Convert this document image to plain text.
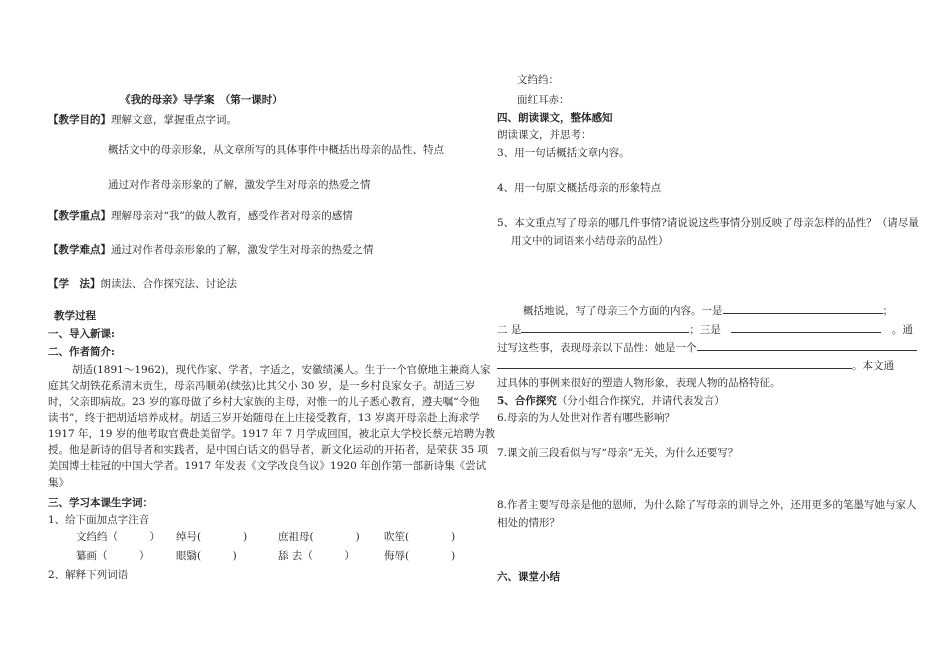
《我的母亲》导学案　（第一课时）
【教学目的】理解文意，掌握重点字词。
概括文中的母亲形象，从文章所写的具体事件中概括出母亲的品性、特点
通过对作者母亲形象的了解，激发学生对母亲的热爱之情
【教学重点】理解母亲对“我”的做人教育，感受作者对母亲的感情
【教学难点】通过对作者母亲形象的了解，激发学生对母亲的热爱之情
【学　法】朗读法、合作探究法、讨论法
教学过程
一、导入新课:
二、作者简介:
胡适(1891～1962)，现代作家、学者，字适之，安徽绩溪人。生于一个官僚地主兼商人家
庭其父胡铁花系清末贡生，母亲冯顺弟(续弦)比其父小 30 岁，是一乡村良家女子。胡适三岁
时，父亲即病故。23 岁的寡母做了乡村大家族的主母，对惟一的儿子悉心教育，遵夫嘱“令他
读书”，终于把胡适培养成材。胡适三岁开始随母在上庄接受教育，13 岁离开母亲赴上海求学
1917 年，19 岁的他考取官费赴美留学。1917 年 7 月学成回国，被北京大学校长蔡元培聘为教
授。他是新诗的倡导者和实践者，是中国白话文的倡导者，新文化运动的开拓者，是荣获 35 项
美国博士桂冠的中国大学者。1917 年发表《文学改良刍议》1920 年创作第一部新诗集《尝试
集》
三、学习本课生字词：
1、给下面加点字注音
文绉绉（　　　） 绰号(　　　　)	庶祖母(　　　　) 吹笙(　　　　)
纂画（　　　）	眼翳(　　　)	舔 去（　　　）	侮辱(　　　　)
2、解释下列词语
文绉绉：
面红耳赤：
四、朗读课文，整体感知
朗读课文，并思考：
3、用一句话概括文章内容。
4、用一句原文概括母亲的形象特点
5、本文重点写了母亲的哪几件事情?请说说这些事情分别反映了母亲怎样的品性？（请尽量
用文中的词语来小结母亲的品性）
概括地说，写了母亲三个方面的内容。一是	；
二 是	；三是  	。通
过写这些事，表现母亲以下品性：她是一个
。本文通
过具体的事例来很好的塑造人物形象，表现人物的品格特征。
5、合作探究（分小组合作探究，并请代表发言）
6.母亲的为人处世对作者有哪些影响？
7.课文前三段看似与写“母亲”无关，为什么还要写？
8.作者主要写母亲是他的恩师，为什么除了写母亲的训导之外，还用更多的笔墨写她与家人
相处的情形？
六、课堂小结
